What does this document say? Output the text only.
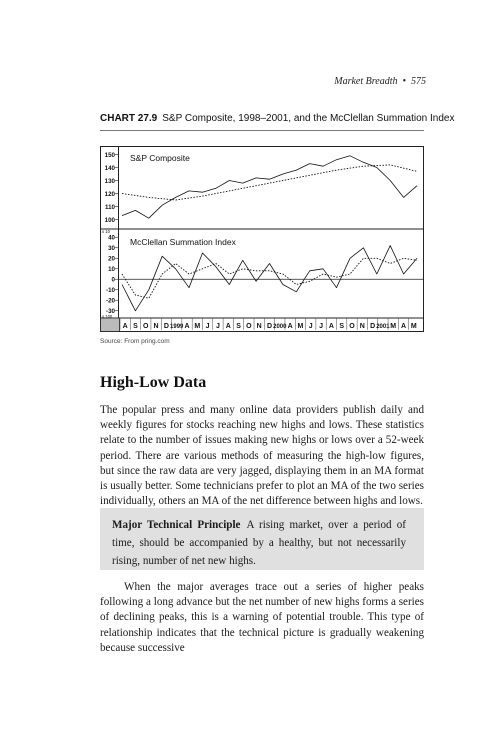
Market Breadth • 575
CHART 27.9 S&P Composite, 1998–2001, and the McClellan Summation Index
A S O N D 1999 A M J J A S O N D 2000 A M J J A S O N D 2001 M A M
150
140
130
120
110
100
S&P Composite
40
30
20
10
0
-10
-20
-30
McClellan Summation Index
x 10
x 100
Source: From pring.com
High-Low Data

The popular press and many online data providers publish daily and weekly figures for stocks reaching new highs and lows. These statistics relate to the number of issues making new highs or lows over a 52-week period. There are various methods of measuring the high-low figures, but since the raw data are very jagged, displaying them in an MA format is usually better. Some technicians prefer to plot an MA of the two series individually, others an MA of the net difference between highs and lows.

Major Technical Principle A rising market, over a period of time, should be accompanied by a healthy, but not necessarily rising, number of net new highs.

When the major averages trace out a series of higher peaks following a long advance but the net number of new highs forms a series of declining peaks, this is a warning of potential trouble. This type of relationship indicates that the technical picture is gradually weakening because successive
